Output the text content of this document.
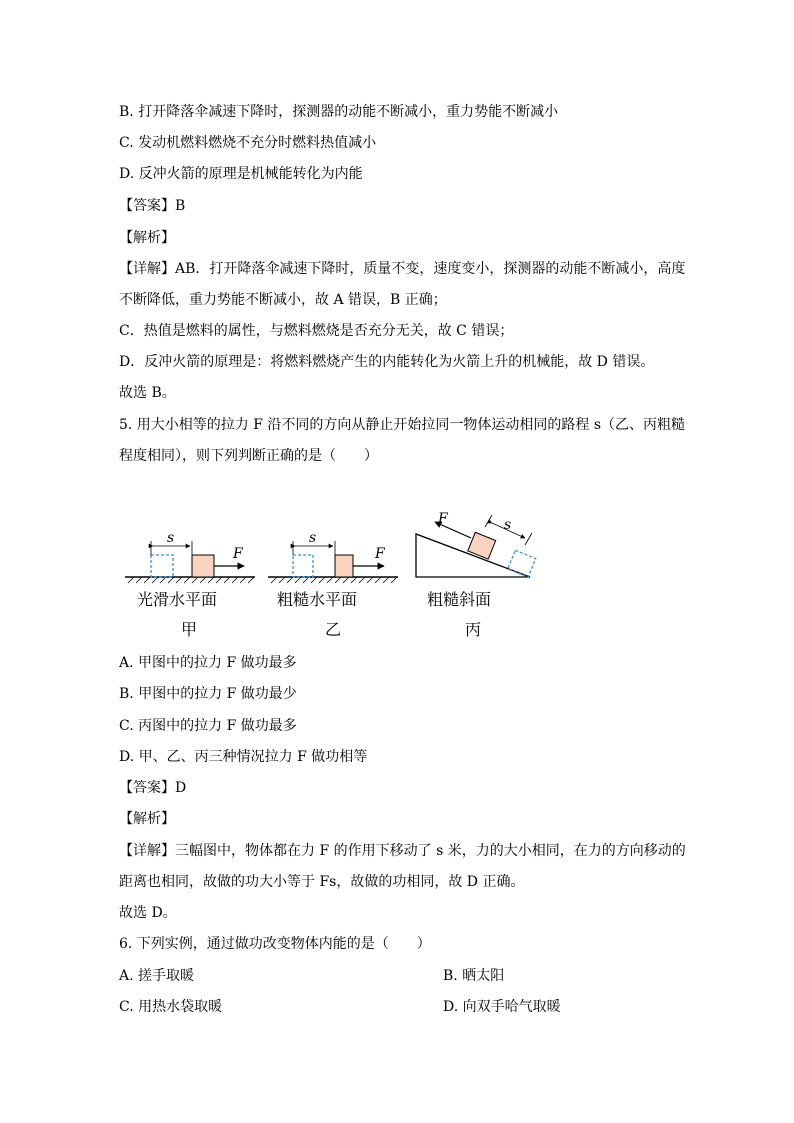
B. 打开降落伞减速下降时，探测器的动能不断减小，重力势能不断减小
C. 发动机燃料燃烧不充分时燃料热值减小
D. 反冲火箭的原理是机械能转化为内能
【答案】B
【解析】
【详解】AB．打开降落伞减速下降时，质量不变，速度变小，探测器的动能不断减小，高度
不断降低，重力势能不断减小，故 A 错误，B 正确；
C．热值是燃料的属性，与燃料燃烧是否充分无关，故 C 错误；
D．反冲火箭的原理是：将燃料燃烧产生的内能转化为火箭上升的机械能，故 D 错误。
故选 B。
5. 用大小相等的拉力 F 沿不同的方向从静止开始拉同一物体运动相同的路程 s（乙、丙粗糙
程度相同），则下列判断正确的是（　　）
s
F
光滑水平面
甲
s
F
粗糙水平面
乙
F	s
粗糙斜面
丙
A. 甲图中的拉力 F 做功最多
B. 甲图中的拉力 F 做功最少
C. 丙图中的拉力 F 做功最多
D. 甲、乙、丙三种情况拉力 F 做功相等
【答案】D
【解析】
【详解】三幅图中，物体都在力 F 的作用下移动了 s 米，力的大小相同，在力的方向移动的
距离也相同，故做的功大小等于 Fs，故做的功相同，故 D 正确。
故选 D。
6. 下列实例，通过做功改变物体内能的是（　　）
A. 搓手取暖	B. 晒太阳
C. 用热水袋取暖	D. 向双手哈气取暖
